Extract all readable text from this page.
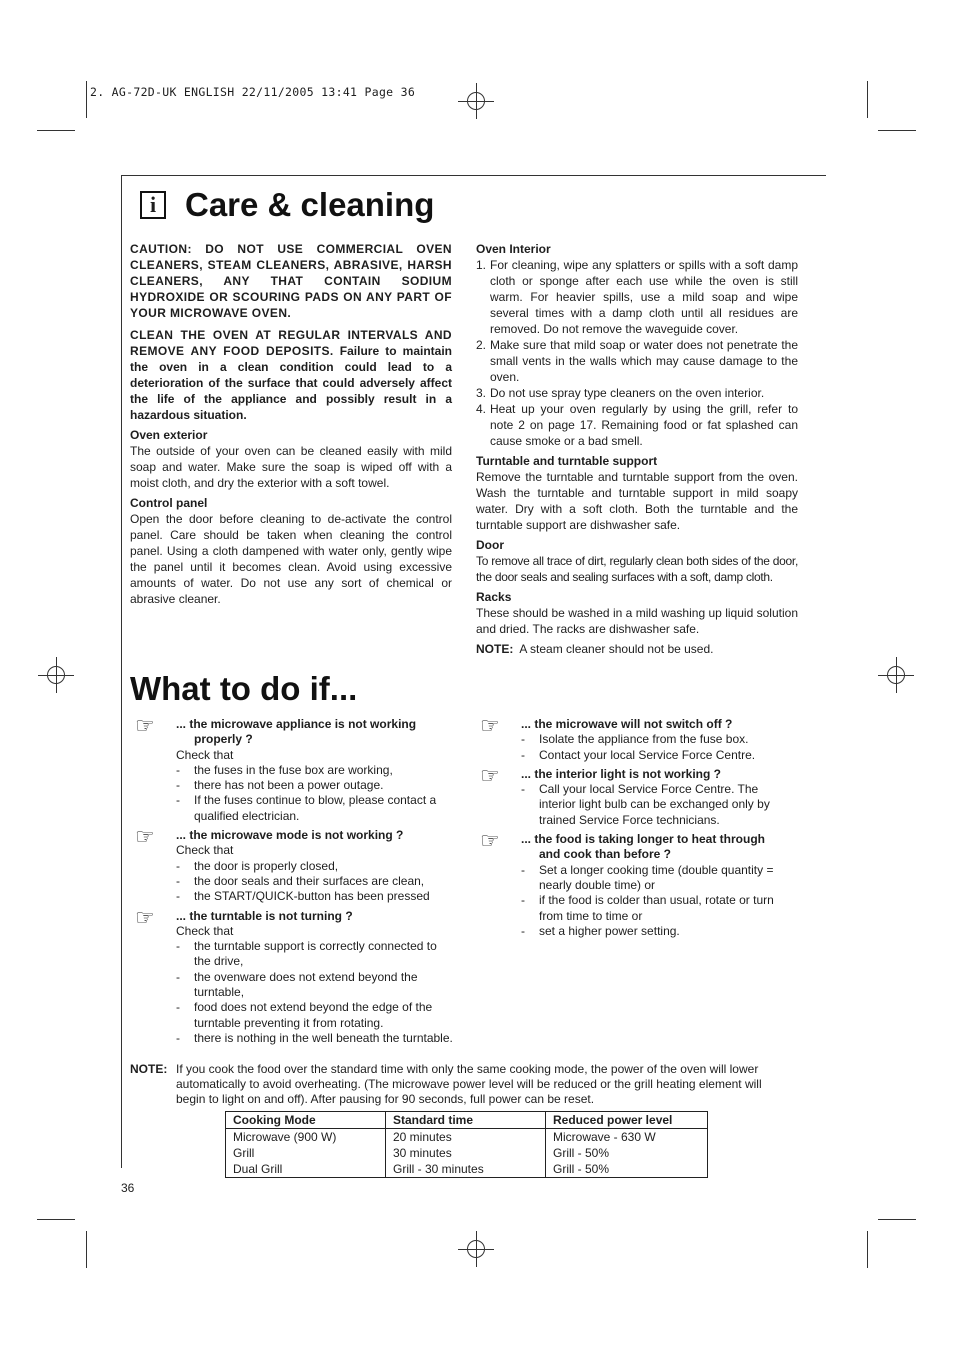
2. AG-72D-UK ENGLISH 22/11/2005 13:41 Page 36
i Care & cleaning

CAUTION: DO NOT USE COMMERCIAL OVEN CLEANERS, STEAM CLEANERS, ABRASIVE, HARSH CLEANERS, ANY THAT CONTAIN SODIUM HYDROXIDE OR SCOURING PADS ON ANY PART OF YOUR MICROWAVE OVEN.

CLEAN THE OVEN AT REGULAR INTERVALS AND REMOVE ANY FOOD DEPOSITS. Failure to maintain the oven in a clean condition could lead to a deterioration of the surface that could adversely affect the life of the appliance and possibly result in a hazardous situation.

Oven exterior

The outside of your oven can be cleaned easily with mild soap and water. Make sure the soap is wiped off with a moist cloth, and dry the exterior with a soft towel.

Control panel

Open the door before cleaning to de-activate the control panel. Care should be taken when cleaning the control panel. Using a cloth dampened with water only, gently wipe the panel until it becomes clean. Avoid using excessive amounts of water. Do not use any sort of chemical or abrasive cleaner.

Oven Interior

1. For cleaning, wipe any splatters or spills with a soft damp cloth or sponge after each use while the oven is still warm. For heavier spills, use a mild soap and wipe several times with a damp cloth until all residues are removed. Do not remove the waveguide cover.
2. Make sure that mild soap or water does not penetrate the small vents in the walls which may cause damage to the oven.
3. Do not use spray type cleaners on the oven interior.
4. Heat up your oven regularly by using the grill, refer to note 2 on page 17. Remaining food or fat splashed can cause smoke or a bad smell.

Turntable and turntable support

Remove the turntable and turntable support from the oven. Wash the turntable and turntable support in mild soapy water. Dry with a soft cloth. Both the turntable and the turntable support are dishwasher safe.

Door

To remove all trace of dirt, regularly clean both sides of the door, the door seals and sealing surfaces with a soft, damp cloth.

Racks

These should be washed in a mild washing up liquid solution and dried. The racks are dishwasher safe.

NOTE: A steam cleaner should not be used.

What to do if...
☞ ... the microwave appliance is not working
properly ?

Check that

- the fuses in the fuse box are working,
- there has not been a power outage.
- If the fuses continue to blow, please contact a qualified electrician.
☞ ... the microwave mode is not working ?

Check that

- the door is properly closed,
- the door seals and their surfaces are clean,
- the START/QUICK-button has been pressed
☞ ... the turntable is not turning ?

Check that

- the turntable support is correctly connected to the drive,
- the ovenware does not extend beyond the turntable,
- food does not extend beyond the edge of the turntable preventing it from rotating.
- there is nothing in the well beneath the turntable.
☞ ... the microwave will not switch off ?

- Isolate the appliance from the fuse box.
- Contact your local Service Force Centre.
☞ ... the interior light is not working ?

- Call your local Service Force Centre. The interior light bulb can be exchanged only by trained Service Force technicians.
☞ ... the food is taking longer to heat through
and cook than before ?

- Set a longer cooking time (double quantity = nearly double time) or
- if the food is colder than usual, rotate or turn from time to time or
- set a higher power setting.
NOTE: If you cook the food over the standard time with only the same cooking mode, the power of the oven will lower automatically to avoid overheating. (The microwave power level will be reduced or the grill heating element will begin to light on and off). After pausing for 90 seconds, full power can be reset.

Cooking Mode	Standard time	Reduced power level
Microwave (900 W)	20 minutes	Microwave - 630 W
Grill	30 minutes	Grill - 50%
Dual Grill	Grill - 30 minutes	Grill - 50%
36
